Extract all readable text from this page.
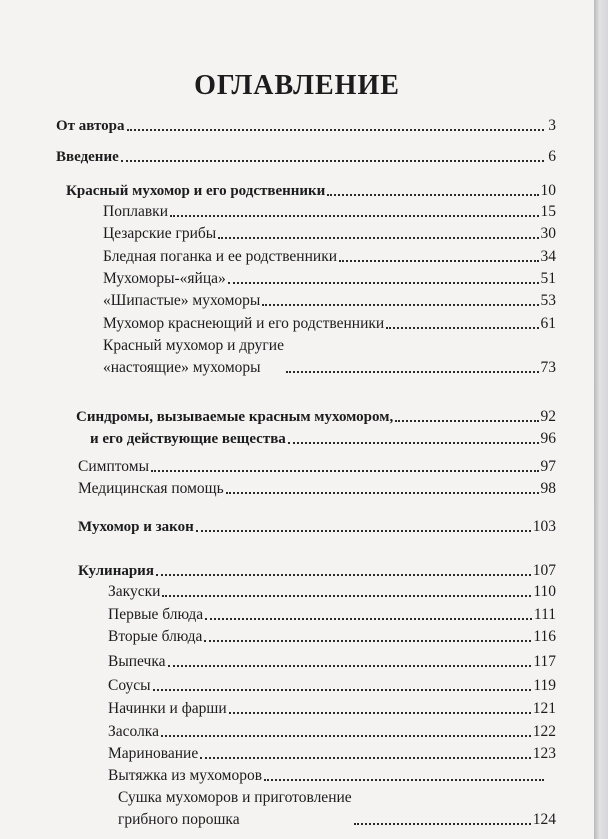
ОГЛАВЛЕНИЕ
От автора	3
Введение	6
Красный мухомор и его родственники	10
Поплавки	15
Цезарские грибы	30
Бледная поганка и ее родственники	34
Мухоморы-«яйца»	51
«Шипастые» мухоморы	53
Мухомор краснеющий и его родственники	61
Красный мухомор и другие
«настоящие» мухоморы	73
Синдромы, вызываемые красным мухомором,	92
и его действующие вещества	96
Симптомы	97
Медицинская помощь	98
Мухомор и закон	103
Кулинария	107
Закуски	110
Первые блюда	111
Вторые блюда	116
Выпечка	117
Соусы	119
Начинки и фарши	121
Засолка	122
Маринование	123
Вытяжка из мухоморов
Сушка мухоморов и приготовление
грибного порошка	124
